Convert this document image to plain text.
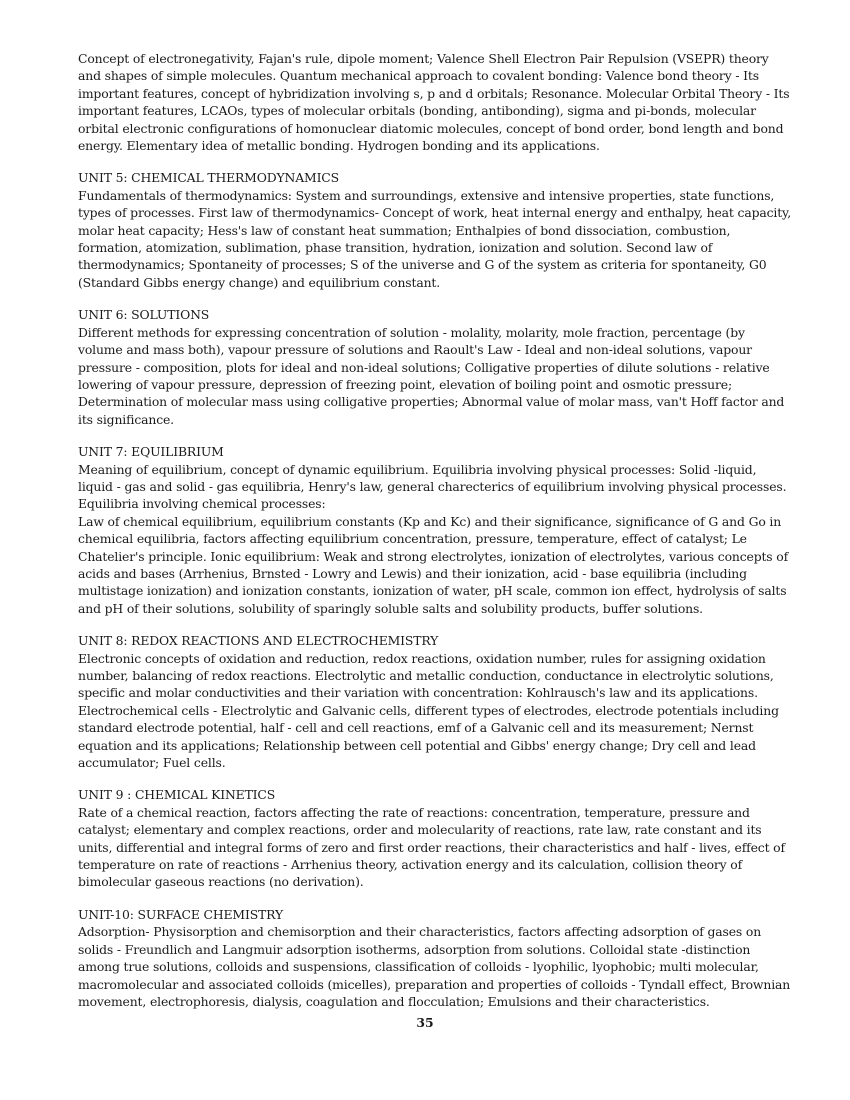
Concept of electronegativity, Fajan's rule, dipole moment; Valence Shell Electron Pair Repulsion (VSEPR) theory and shapes of simple molecules. Quantum mechanical approach to covalent bonding: Valence bond theory - Its important features, concept of hybridization involving s, p and d orbitals; Resonance. Molecular Orbital Theory - Its important features, LCAOs, types of molecular orbitals (bonding, antibonding), sigma and pi-bonds, molecular orbital electronic configurations of homonuclear diatomic molecules, concept of bond order, bond length and bond energy. Elementary idea of metallic bonding. Hydrogen bonding and its applications.

UNIT 5: CHEMICAL THERMODYNAMICS

Fundamentals of thermodynamics: System and surroundings, extensive and intensive properties, state functions, types of processes. First law of thermodynamics- Concept of work, heat internal energy and enthalpy, heat capacity, molar heat capacity; Hess's law of constant heat summation; Enthalpies of bond dissociation, combustion, formation, atomization, sublimation, phase transition, hydration, ionization and solution. Second law of thermodynamics; Spontaneity of processes; S of the universe and G of the system as criteria for spontaneity, G0 (Standard Gibbs energy change) and equilibrium constant.

UNIT 6: SOLUTIONS

Different methods for expressing concentration of solution - molality, molarity, mole fraction, percentage (by volume and mass both), vapour pressure of solutions and Raoult's Law - Ideal and non-ideal solutions, vapour pressure - composition, plots for ideal and non-ideal solutions; Colligative properties of dilute solutions - relative lowering of vapour pressure, depression of freezing point, elevation of boiling point and osmotic pressure; Determination of molecular mass using colligative properties; Abnormal value of molar mass, van't Hoff factor and its significance.

UNIT 7: EQUILIBRIUM

Meaning of equilibrium, concept of dynamic equilibrium. Equilibria involving physical processes: Solid -liquid, liquid - gas and solid - gas equilibria, Henry's law, general charecterics of equilibrium involving physical processes.

Equilibria involving chemical processes:

Law of chemical equilibrium, equilibrium constants (Kp and Kc) and their significance, significance of G and Go in chemical equilibria, factors affecting equilibrium concentration, pressure, temperature, effect of catalyst; Le Chatelier's principle. Ionic equilibrium: Weak and strong electrolytes, ionization of electrolytes, various concepts of acids and bases (Arrhenius, Brnsted - Lowry and Lewis) and their ionization, acid - base equilibria (including multistage ionization) and ionization constants, ionization of water, pH scale, common ion effect, hydrolysis of salts and pH of their solutions, solubility of sparingly soluble salts and solubility products, buffer solutions.

UNIT 8: REDOX REACTIONS AND ELECTROCHEMISTRY

Electronic concepts of oxidation and reduction, redox reactions, oxidation number, rules for assigning oxidation number, balancing of redox reactions. Electrolytic and metallic conduction, conductance in electrolytic solutions, specific and molar conductivities and their variation with concentration: Kohlrausch's law and its applications.

Electrochemical cells - Electrolytic and Galvanic cells, different types of electrodes, electrode potentials including standard electrode potential, half - cell and cell reactions, emf of a Galvanic cell and its measurement; Nernst equation and its applications; Relationship between cell potential and Gibbs' energy change; Dry cell and lead accumulator; Fuel cells.

UNIT 9 : CHEMICAL KINETICS

Rate of a chemical reaction, factors affecting the rate of reactions: concentration, temperature, pressure and catalyst; elementary and complex reactions, order and molecularity of reactions, rate law, rate constant and its units, differential and integral forms of zero and first order reactions, their characteristics and half - lives, effect of temperature on rate of reactions - Arrhenius theory, activation energy and its calculation, collision theory of bimolecular gaseous reactions (no derivation).

UNIT-10: SURFACE CHEMISTRY

Adsorption- Physisorption and chemisorption and their characteristics, factors affecting adsorption of gases on solids - Freundlich and Langmuir adsorption isotherms, adsorption from solutions. Colloidal state -distinction among true solutions, colloids and suspensions, classification of colloids - lyophilic, lyophobic; multi molecular, macromolecular and associated colloids (micelles), preparation and properties of colloids - Tyndall effect, Brownian movement, electrophoresis, dialysis, coagulation and flocculation; Emulsions and their characteristics.

35
